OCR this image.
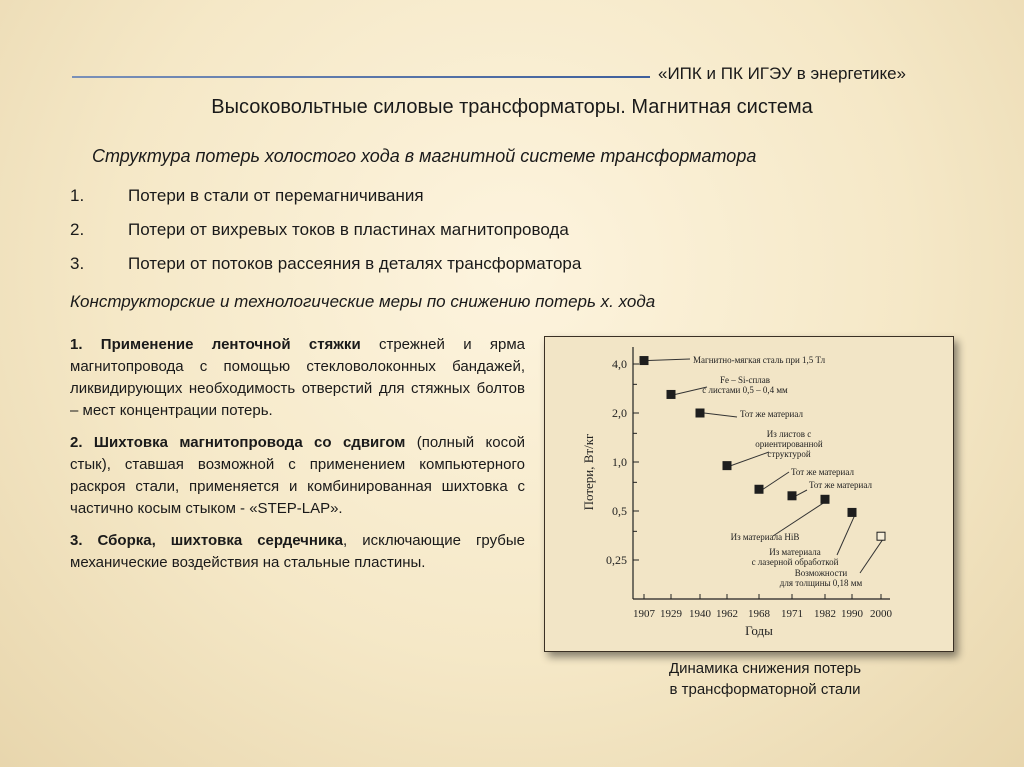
«ИПК и ПК ИГЭУ в энергетике»
Высоковольтные силовые трансформаторы. Магнитная система
Структура потерь холостого хода в магнитной системе трансформатора
1.	Потери в стали от перемагничивания
2.	Потери от вихревых токов в пластинах магнитопровода
3.	Потери от потоков рассеяния в деталях трансформатора
Конструкторские и технологические меры по снижению потерь х. хода

1. Применение ленточной стяжки стрежней и ярма магнитопровода с помощью стекловолоконных бандажей, ликвидирующих необходимость отверстий для стяжных болтов – мест концентрации потерь.

2. Шихтовка магнитопровода со сдвигом (полный косой стык), ставшая возможной с применением компьютерного раскроя стали, применяется и комбинированная шихтовка с частично косым стыком - «STEP-LAP».

3. Сборка, шихтовка сердечника, исключающие грубые механические воздействия на стальные пластины.

4,0
2,0
1,0
0,5
0,25
1907 1929 1940 1962 1968 1971 1982 1990 2000
Годы
Потери, Вт/кг
Магнитно-мягкая сталь при 1,5 Тл
Fe – Si-сплав
с листами 0,5 – 0,4 мм
Тот же материал
Из листов с
ориентированной
структурой
Тот же материал
Тот же материал
Из материала HiB
Из материала
с лазерной обработкой
Возможности
для толщины 0,18 мм
Динамика снижения потерь
в трансформаторной стали
